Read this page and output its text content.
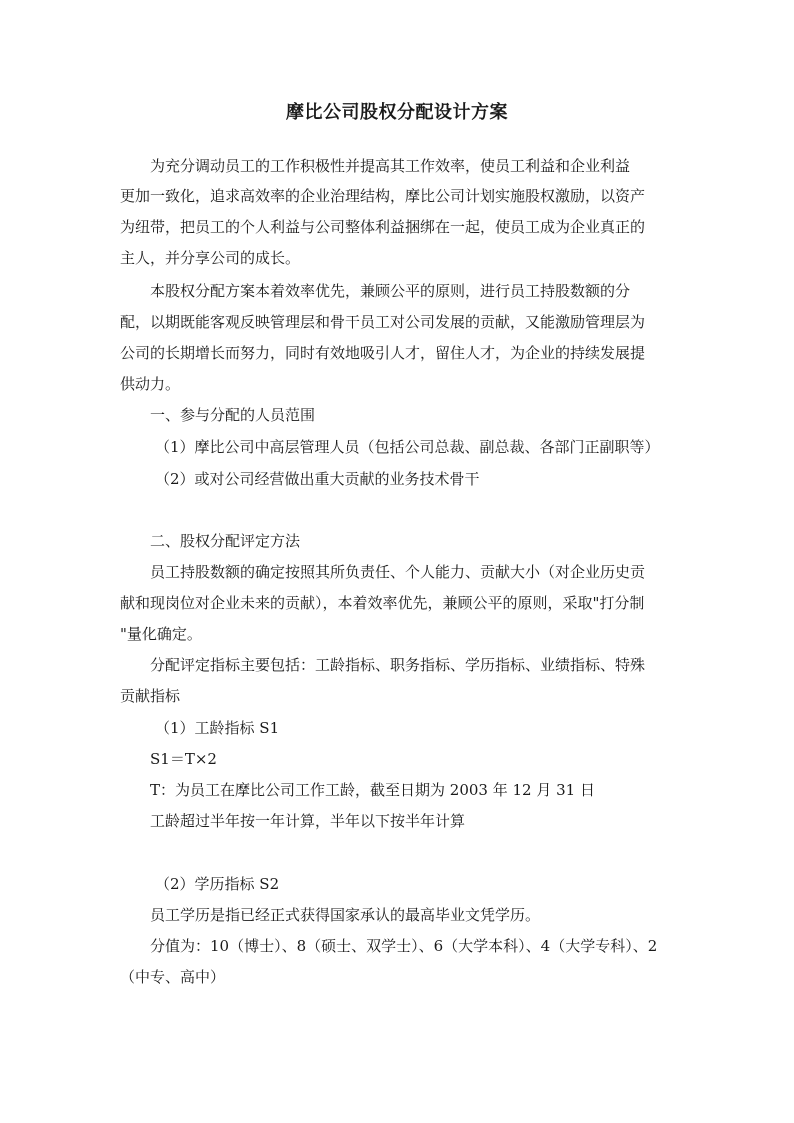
摩比公司股权分配设计方案
为充分调动员工的工作积极性并提高其工作效率，使员工利益和企业利益
更加一致化，追求高效率的企业治理结构，摩比公司计划实施股权激励，以资产
为纽带，把员工的个人利益与公司整体利益捆绑在一起，使员工成为企业真正的
主人，并分享公司的成长。
本股权分配方案本着效率优先，兼顾公平的原则，进行员工持股数额的分
配，以期既能客观反映管理层和骨干员工对公司发展的贡献，又能激励管理层为
公司的长期增长而努力，同时有效地吸引人才，留住人才，为企业的持续发展提
供动力。
一、参与分配的人员范围
（1）摩比公司中高层管理人员（包括公司总裁、副总裁、各部门正副职等）
（2）或对公司经营做出重大贡献的业务技术骨干
二、股权分配评定方法
员工持股数额的确定按照其所负责任、个人能力、贡献大小（对企业历史贡
献和现岗位对企业未来的贡献），本着效率优先，兼顾公平的原则，采取"打分制
"量化确定。
分配评定指标主要包括：工龄指标、职务指标、学历指标、业绩指标、特殊
贡献指标
（1）工龄指标 S1
S1＝T×2
T：为员工在摩比公司工作工龄，截至日期为 2003 年 12 月 31 日
工龄超过半年按一年计算，半年以下按半年计算
（2）学历指标 S2
员工学历是指已经正式获得国家承认的最高毕业文凭学历。
分值为：10（博士）、8（硕士、双学士）、6（大学本科）、4（大学专科）、2
（中专、高中）
